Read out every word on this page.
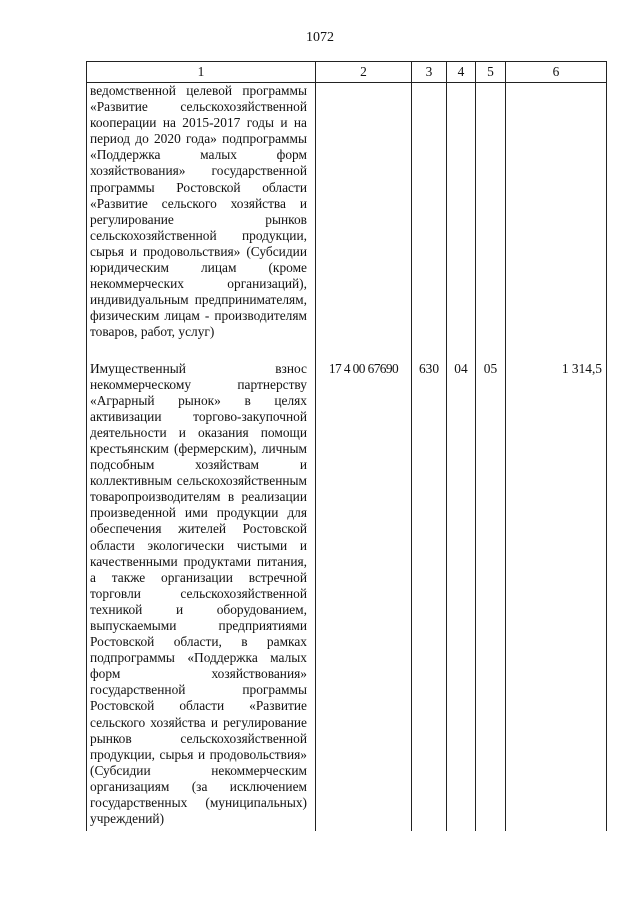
1072
1	2	3	4	5	6
ведомственной целевой программы «Развитие сельскохозяйственной кооперации на 2015-2017 годы и на период до 2020 года» подпрограммы «Поддержка малых форм хозяйствования» государственной программы Ростовской области «Развитие сельского хозяйства и регулирование рынков сельскохозяйственной продукции, сырья и продовольствия» (Субсидии юридическим лицам (кроме некоммерческих организаций), индивидуальным предпринимателям, физическим лицам - производителям товаров, работ, услуг)					
Имущественный взнос некоммерческому партнерству «Аграрный рынок» в целях активизации торгово-закупочной деятельности и оказания помощи крестьянским (фермерским), личным подсобным хозяйствам и коллективным сельскохозяйственным товаропроизводителям в реализации произведенной ими продукции для обеспечения жителей Ростовской области экологически чистыми и качественными продуктами питания, а также организации встречной торговли сельскохозяйственной техникой и оборудованием, выпускаемыми предприятиями Ростовской области, в рамках подпрограммы «Поддержка малых форм хозяйствования» государственной программы Ростовской области «Развитие сельского хозяйства и регулирование рынков сельскохозяйственной продукции, сырья и продовольствия» (Субсидии некоммерческим организациям (за исключением государственных (муниципальных) учреждений)	17 4 00 67690	630	04	05	1 314,5
